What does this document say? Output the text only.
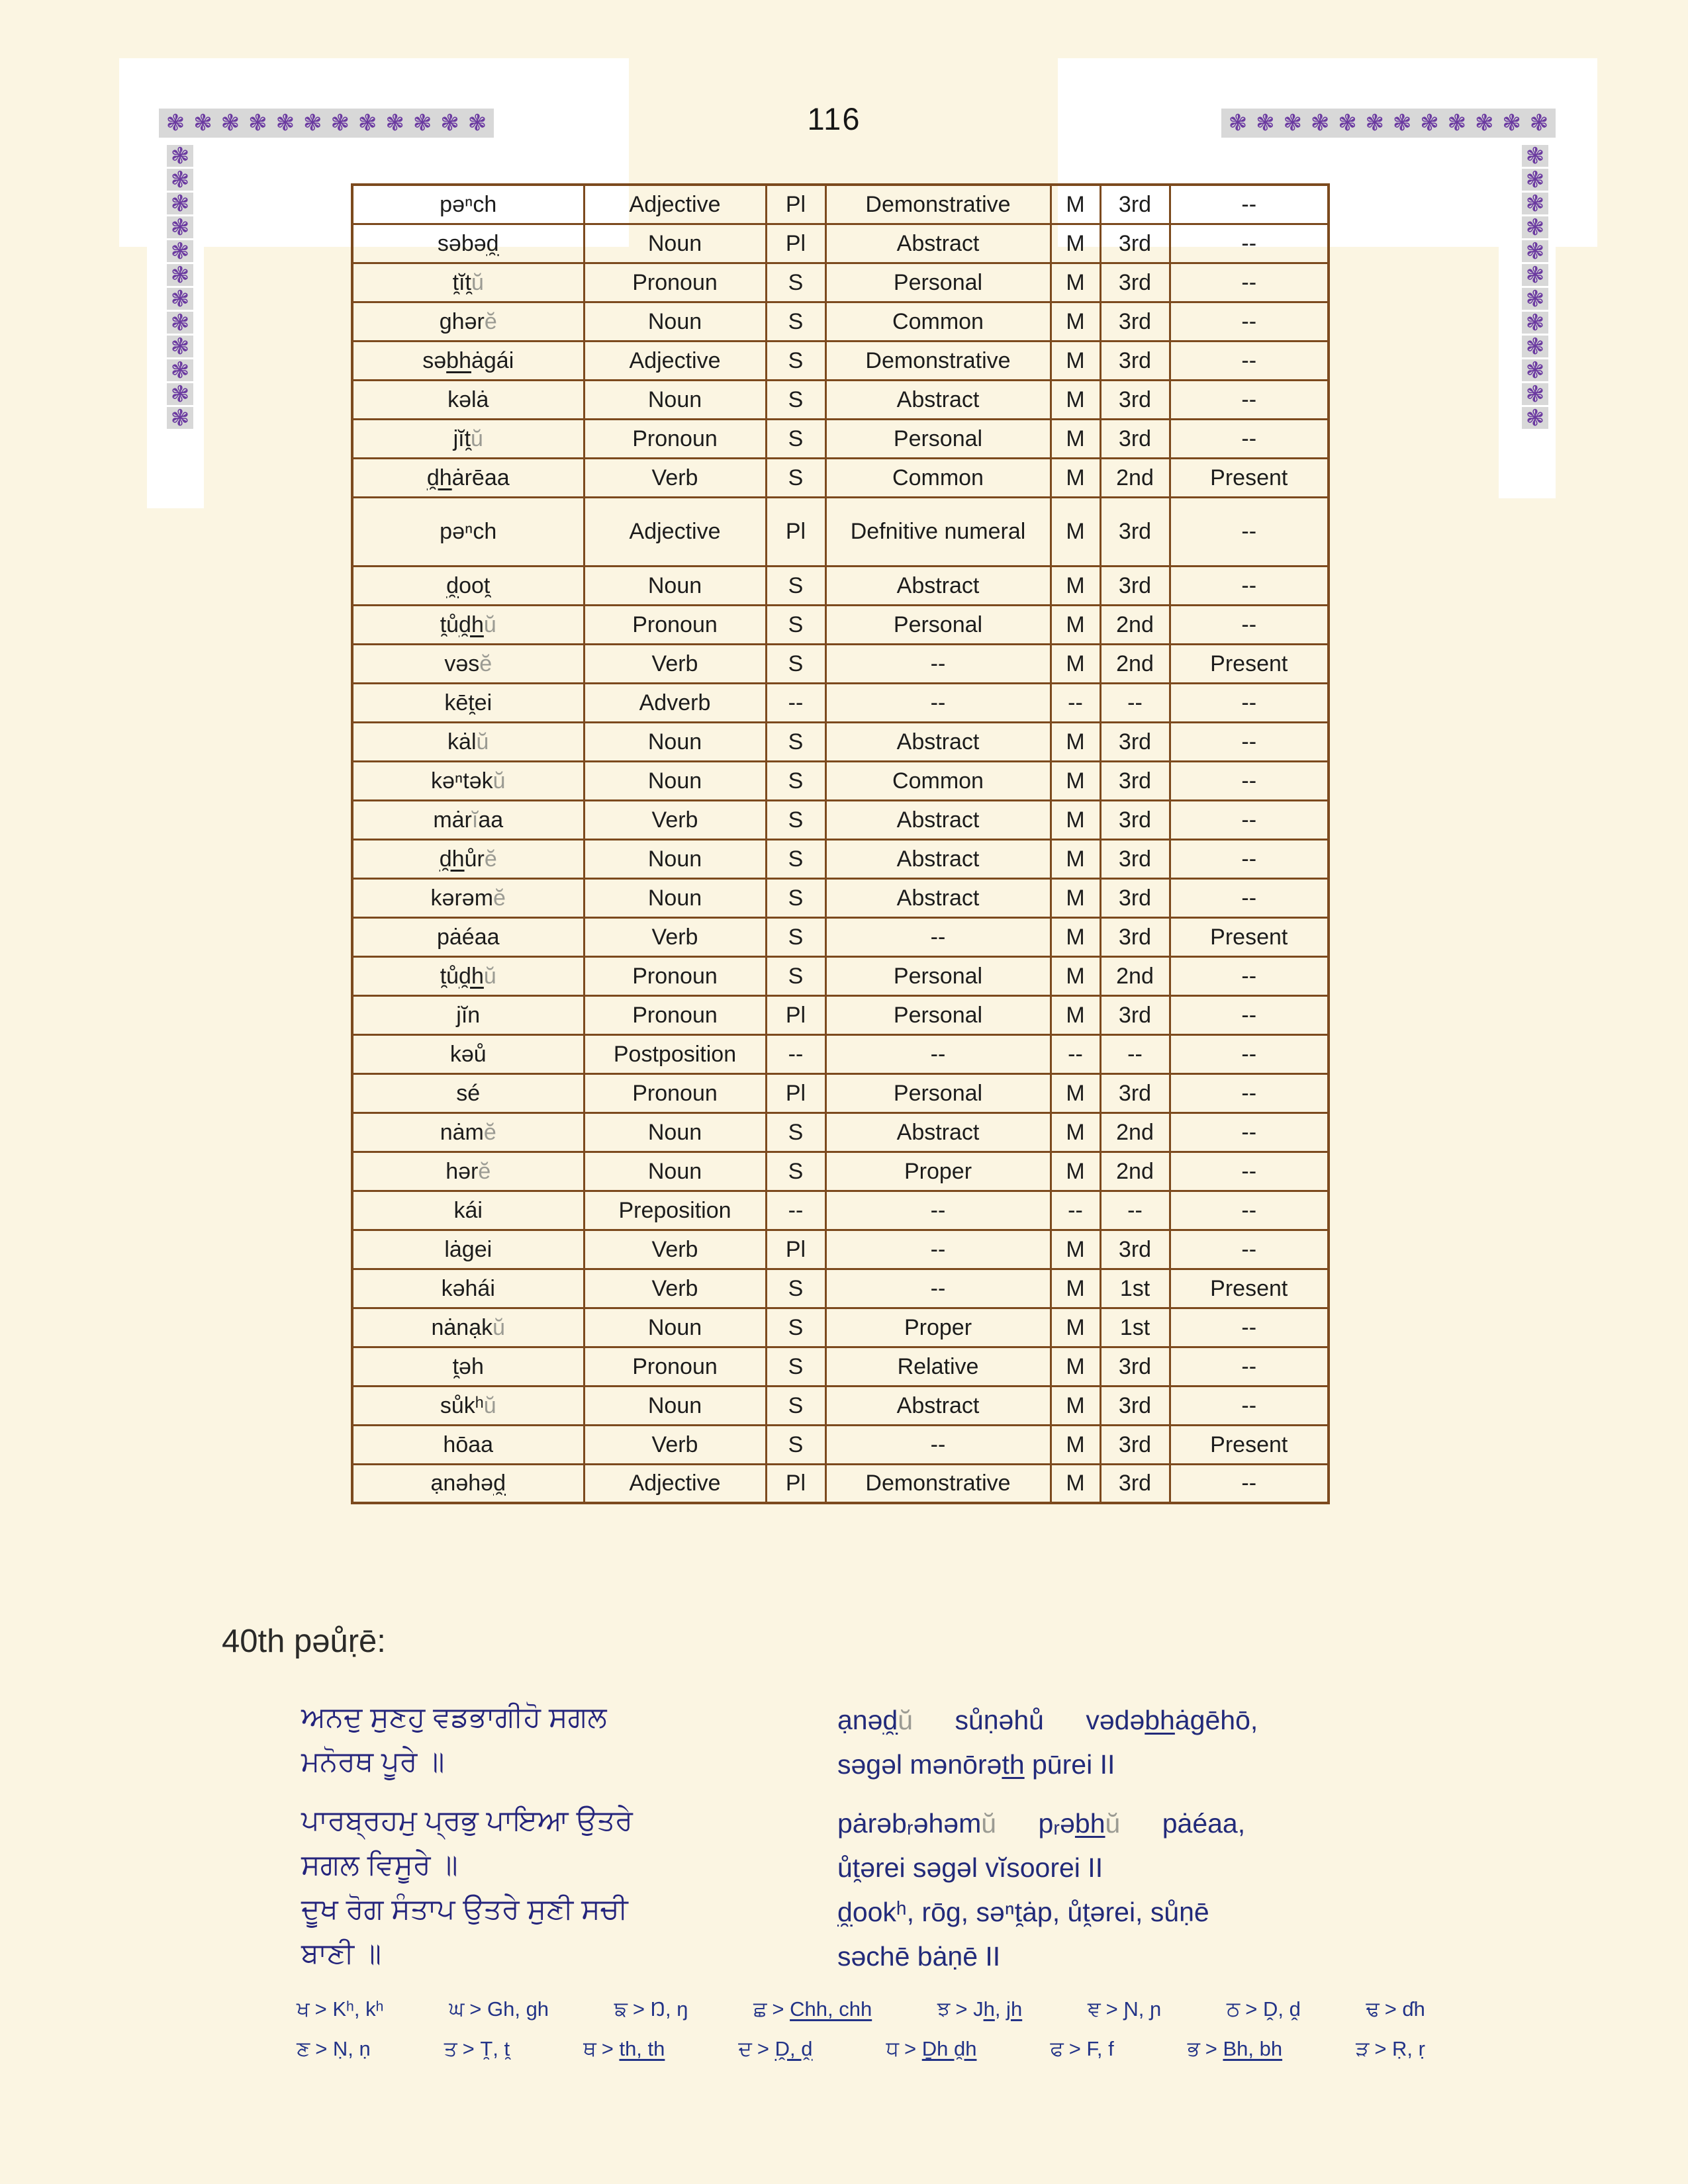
❃ ❃ ❃ ❃ ❃ ❃ ❃ ❃ ❃ ❃ ❃ ❃	❃ ❃ ❃ ❃ ❃ ❃ ❃ ❃ ❃ ❃ ❃ ❃
❃
❃
❃
❃
❃
❃
❃
❃
❃
❃
❃
❃
❃
❃
❃
❃
❃
❃
❃
❃
❃
❃
❃
❃
116
pəⁿch	Adjective	Pl	Demonstrative	M	3rd	--
səbəd̯	Noun	Pl	Abstract	M	3rd	--
t̯ĭt̯ŭ	Pronoun	S	Personal	M	3rd	--
ghərĕ	Noun	S	Common	M	3rd	--
səbhȧgái	Adjective	S	Demonstrative	M	3rd	--
kəlȧ	Noun	S	Abstract	M	3rd	--
jĭt̯ŭ	Pronoun	S	Personal	M	3rd	--
d̯hȧrēaa	Verb	S	Common	M	2nd	Present
pəⁿch	Adjective	Pl	Defnitive numeral	M	3rd	--
d̯oot̯	Noun	S	Abstract	M	3rd	--
t̯ůd̯hŭ	Pronoun	S	Personal	M	2nd	--
vəsĕ	Verb	S	--	M	2nd	Present
kēt̯ei	Adverb	--	--	--	--	--
kȧlŭ	Noun	S	Abstract	M	3rd	--
kəⁿtəkŭ	Noun	S	Common	M	3rd	--
mȧrĭaa	Verb	S	Abstract	M	3rd	--
d̯hůrĕ	Noun	S	Abstract	M	3rd	--
kərəmĕ	Noun	S	Abstract	M	3rd	--
pȧéaa	Verb	S	--	M	3rd	Present
t̯ůd̯hŭ	Pronoun	S	Personal	M	2nd	--
jĭn	Pronoun	Pl	Personal	M	3rd	--
kəů	Postposition	--	--	--	--	--
sé	Pronoun	Pl	Personal	M	3rd	--
nȧmĕ	Noun	S	Abstract	M	2nd	--
hərĕ	Noun	S	Proper	M	2nd	--
kái	Preposition	--	--	--	--	--
lȧgei	Verb	Pl	--	M	3rd	--
kəhái	Verb	S	--	M	1st	Present
nȧnạkŭ	Noun	S	Proper	M	1st	--
t̯əh	Pronoun	S	Relative	M	3rd	--
sůkʰŭ	Noun	S	Abstract	M	3rd	--
hōaa	Verb	S	--	M	3rd	Present
ạnəhəd̯	Adjective	Pl	Demonstrative	M	3rd	--
40th pəůṛē:
ਅਨਦੁ ਸੁਣਹੁ ਵਡਭਾਗੀਹੋ ਸਗਲ
ਮਨੋਰਥ ਪੂਰੇ ॥
ਪਾਰਬ੍ਰਹਮੁ ਪ੍ਰਭੁ ਪਾਇਆ ਉਤਰੇ
ਸਗਲ ਵਿਸੂਰੇ ॥
ਦੂਖ ਰੋਗ ਸੰਤਾਪ ਉਤਰੇ ਸੁਣੀ ਸਚੀ
ਬਾਣੀ ॥
ạnəd̯ŭ sůṇəhů vədəbhȧgēhō,
səgəl mənōrəth pūrei II
pȧrəbᵣəhəmŭ pᵣəbhŭ pȧéaa,
ůt̯ərei səgəl vĭsoorei II
d̯ookʰ, rōg, səⁿt̯ȧp, ůt̯ərei, sůṇē
səchē bȧṇē II
ਖ > Kʰ, kʰ	ਘ > Gh, gh	ਙ > Ŋ, ŋ	ਛ > Chh, chh	ਝ > Jh, jh	ਞ > Ɲ, ɲ	ਠ > Ḓ, ḓ	ਢ > ɗh
ਣ > Ṇ, ṇ	ਤ > T̯, t̯	ਥ > th, th	ਦ > Ḓ, ḓ	ਧ > Ḏh d̯h	ਫ > F, f	ਭ > Bh, bh	ੜ > Ṛ, ṛ
